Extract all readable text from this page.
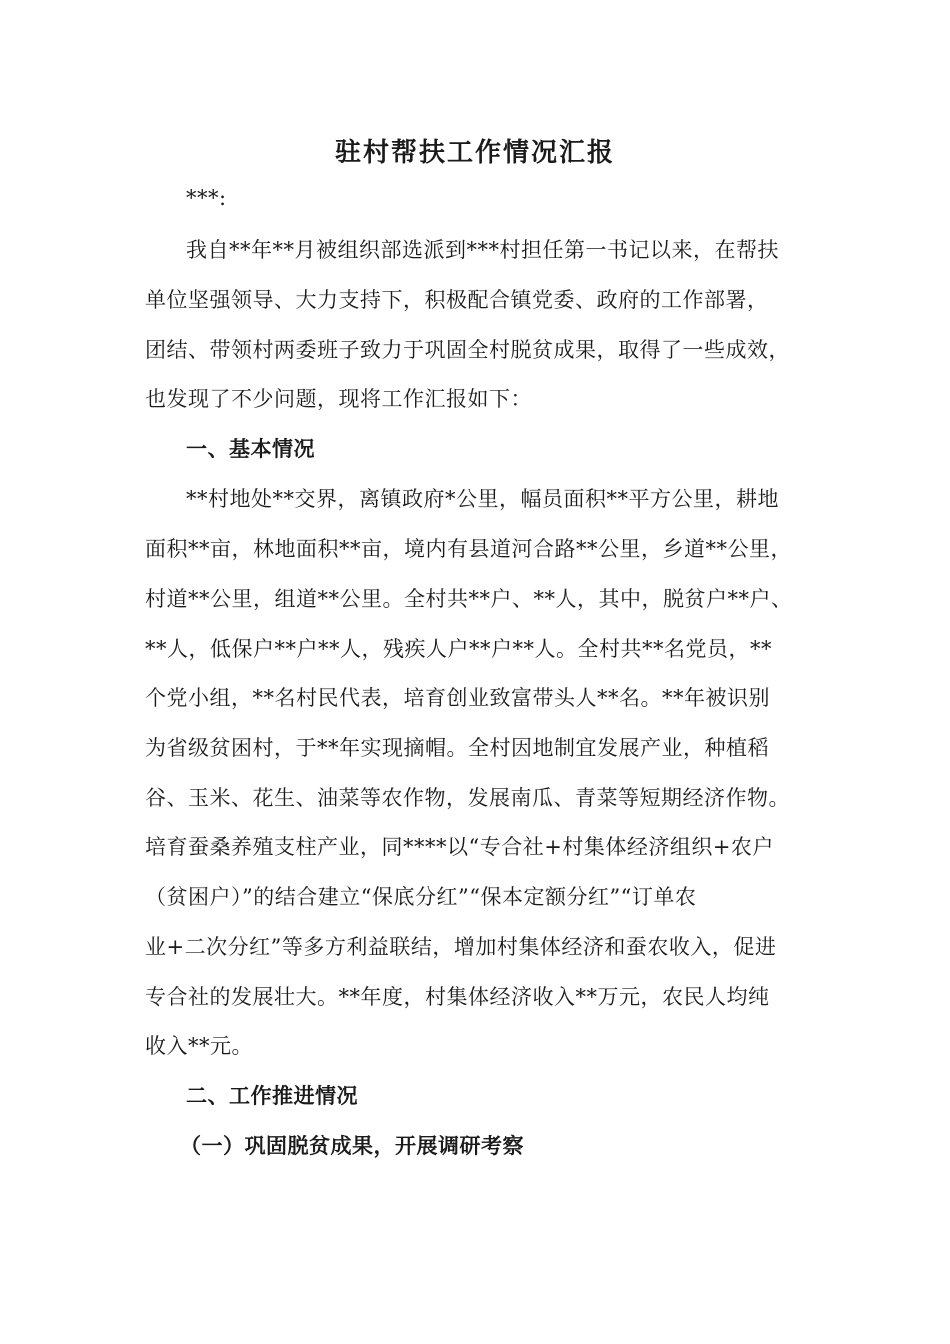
驻村帮扶工作情况汇报
***:
我自**年**月被组织部选派到***村担任第一书记以来，在帮扶
单位坚强领导、大力支持下，积极配合镇党委、政府的工作部署，
团结、带领村两委班子致力于巩固全村脱贫成果，取得了一些成效，
也发现了不少问题，现将工作汇报如下：
一、基本情况
**村地处**交界，离镇政府*公里，幅员面积**平方公里，耕地
面积**亩，林地面积**亩，境内有县道河合路**公里，乡道**公里，
村道**公里，组道**公里。全村共**户、**人，其中，脱贫户**户、
**人，低保户**户**人，残疾人户**户**人。全村共**名党员，**
个党小组，**名村民代表，培育创业致富带头人**名。**年被识别
为省级贫困村，于**年实现摘帽。全村因地制宜发展产业，种植稻
谷、玉米、花生、油菜等农作物，发展南瓜、青菜等短期经济作物。
培育蚕桑养殖支柱产业，同****以“专合社+村集体经济组织+农户
（贫困户）”的结合建立“保底分红”“保本定额分红”“订单农
业+二次分红”等多方利益联结，增加村集体经济和蚕农收入，促进
专合社的发展壮大。**年度，村集体经济收入**万元，农民人均纯
收入**元。
二、工作推进情况
（一）巩固脱贫成果，开展调研考察
